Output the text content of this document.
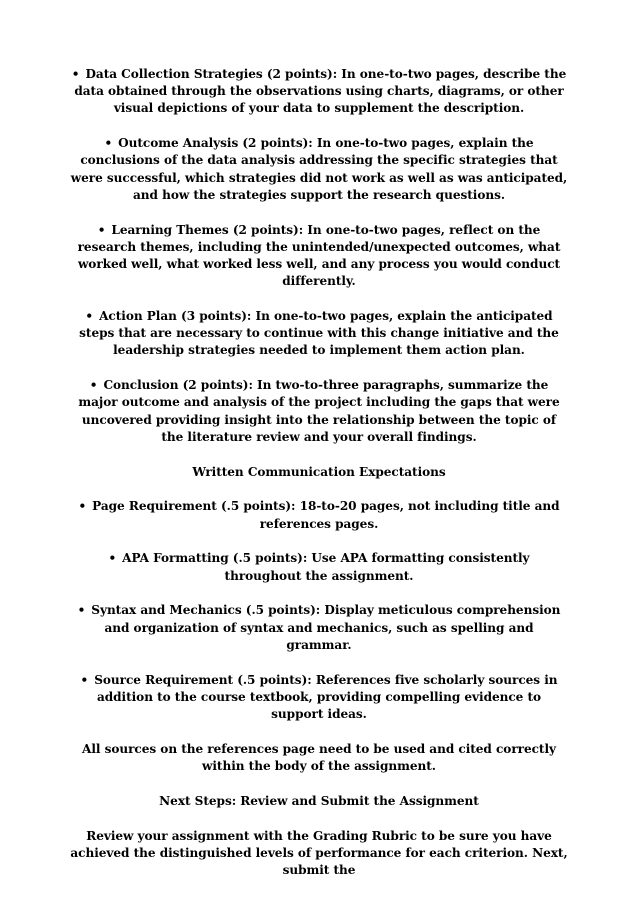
• Data Collection Strategies (2 points): In one-to-two pages, describe the data obtained through the observations using charts, diagrams, or other visual depictions of your data to supplement the description.

• Outcome Analysis (2 points): In one-to-two pages, explain the conclusions of the data analysis addressing the specific strategies that were successful, which strategies did not work as well as was anticipated, and how the strategies support the research questions.

• Learning Themes (2 points): In one-to-two pages, reflect on the research themes, including the unintended/unexpected outcomes, what worked well, what worked less well, and any process you would conduct differently.

• Action Plan (3 points): In one-to-two pages, explain the anticipated steps that are necessary to continue with this change initiative and the leadership strategies needed to implement them action plan.

• Conclusion (2 points): In two-to-three paragraphs, summarize the major outcome and analysis of the project including the gaps that were uncovered providing insight into the relationship between the topic of the literature review and your overall findings.

Written Communication Expectations

• Page Requirement (.5 points): 18-to-20 pages, not including title and references pages.

• APA Formatting (.5 points): Use APA formatting consistently throughout the assignment.

• Syntax and Mechanics (.5 points): Display meticulous comprehension and organization of syntax and mechanics, such as spelling and grammar.

• Source Requirement (.5 points): References five scholarly sources in addition to the course textbook, providing compelling evidence to support ideas.

All sources on the references page need to be used and cited correctly within the body of the assignment.

Next Steps: Review and Submit the Assignment

Review your assignment with the Grading Rubric to be sure you have achieved the distinguished levels of performance for each criterion. Next, submit the
